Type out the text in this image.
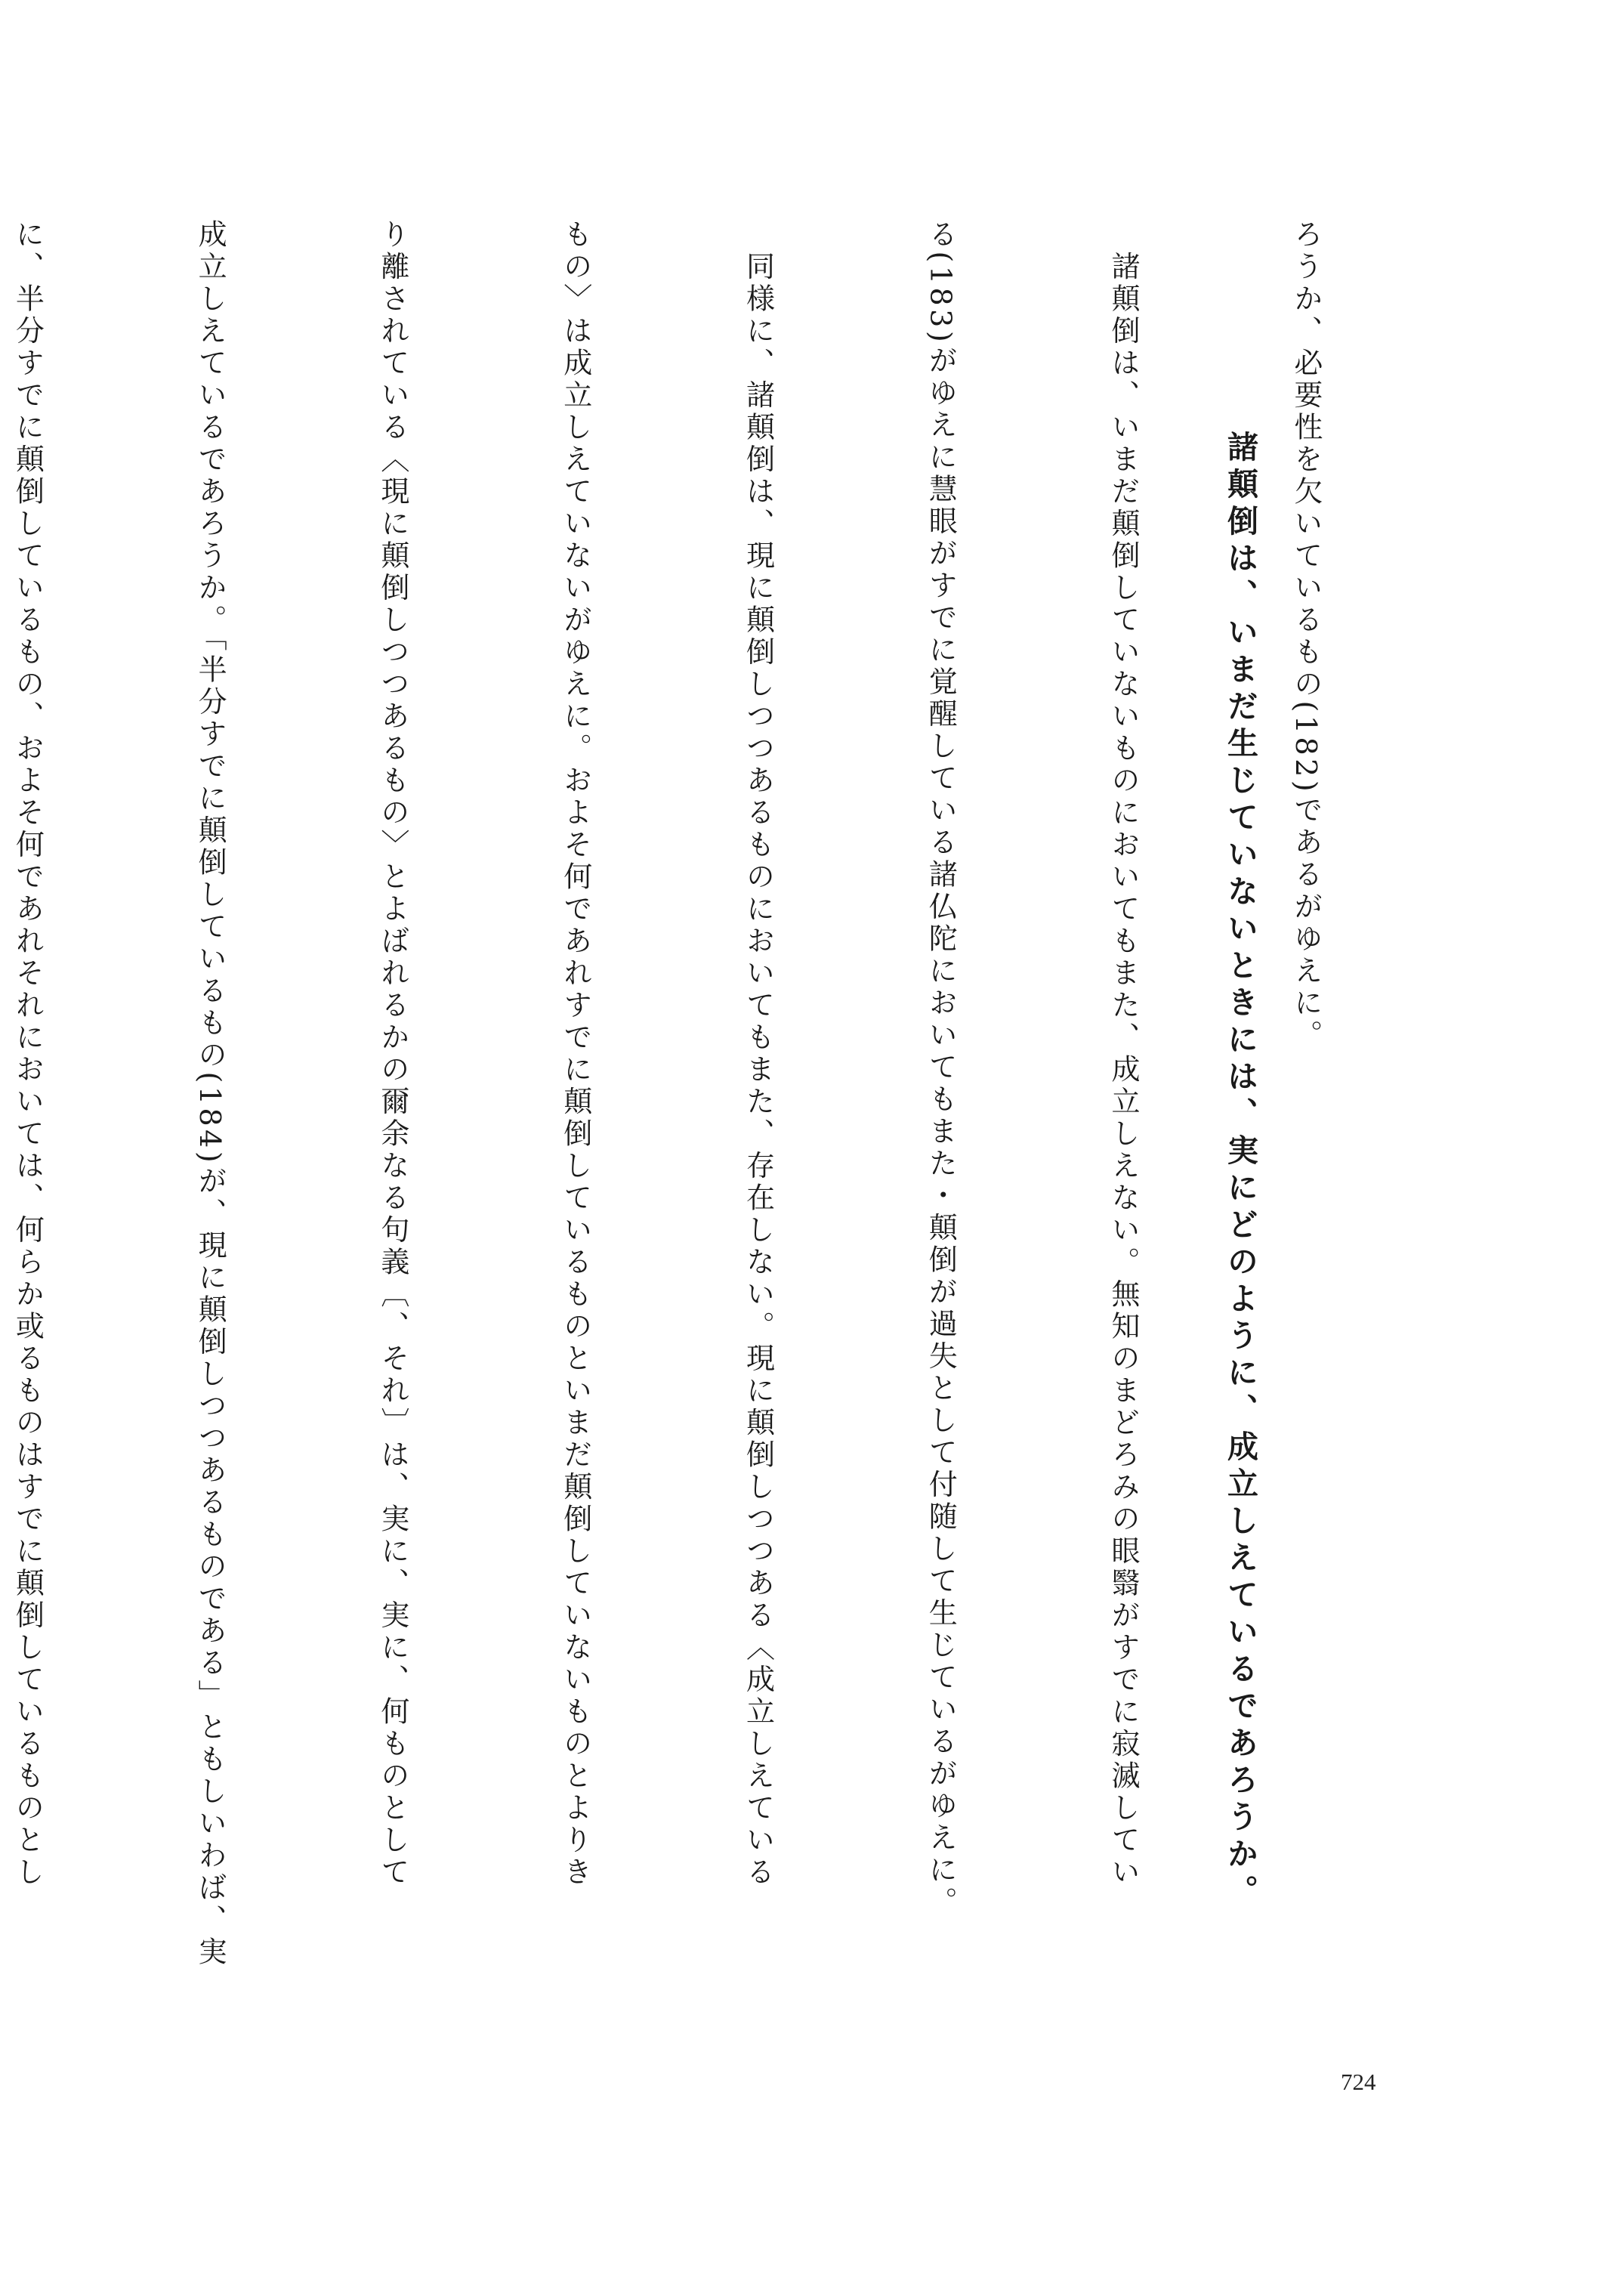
ろうか、必要性を欠いているもの(182)であるがゆえに。

　諸顛倒は、いまだ顛倒していないものにおいてもまた、成立しえない。無知のまどろみの眼翳がすでに寂滅してい

る(183)がゆえに慧眼がすでに覚醒している諸仏陀においてもまた・顛倒が過失として付随して生じているがゆえに。

　同様に、諸顛倒は、現に顛倒しつつあるものにおいてもまた、存在しない。現に顛倒しつつある〈成立しえている

もの〉は成立しえていないがゆえに。およそ何であれすでに顛倒しているものといまだ顛倒していないものとよりき

り離されている〈現に顛倒しつつあるもの〉とよばれるかの爾余なる句義〔、それ〕は、実に、実に、何ものとして

成立しえているであろうか。「半分すでに顛倒しているもの(184)が、現に顛倒しつつあるものである」ともしいわば、実

に、半分すでに顛倒しているもの、およそ何であれそれにおいては、何らか或るものはすでに顛倒しているものとし

	諸顛倒は、いまだ生じていないときには、実にどのように、成立しえているであろうか。
724
